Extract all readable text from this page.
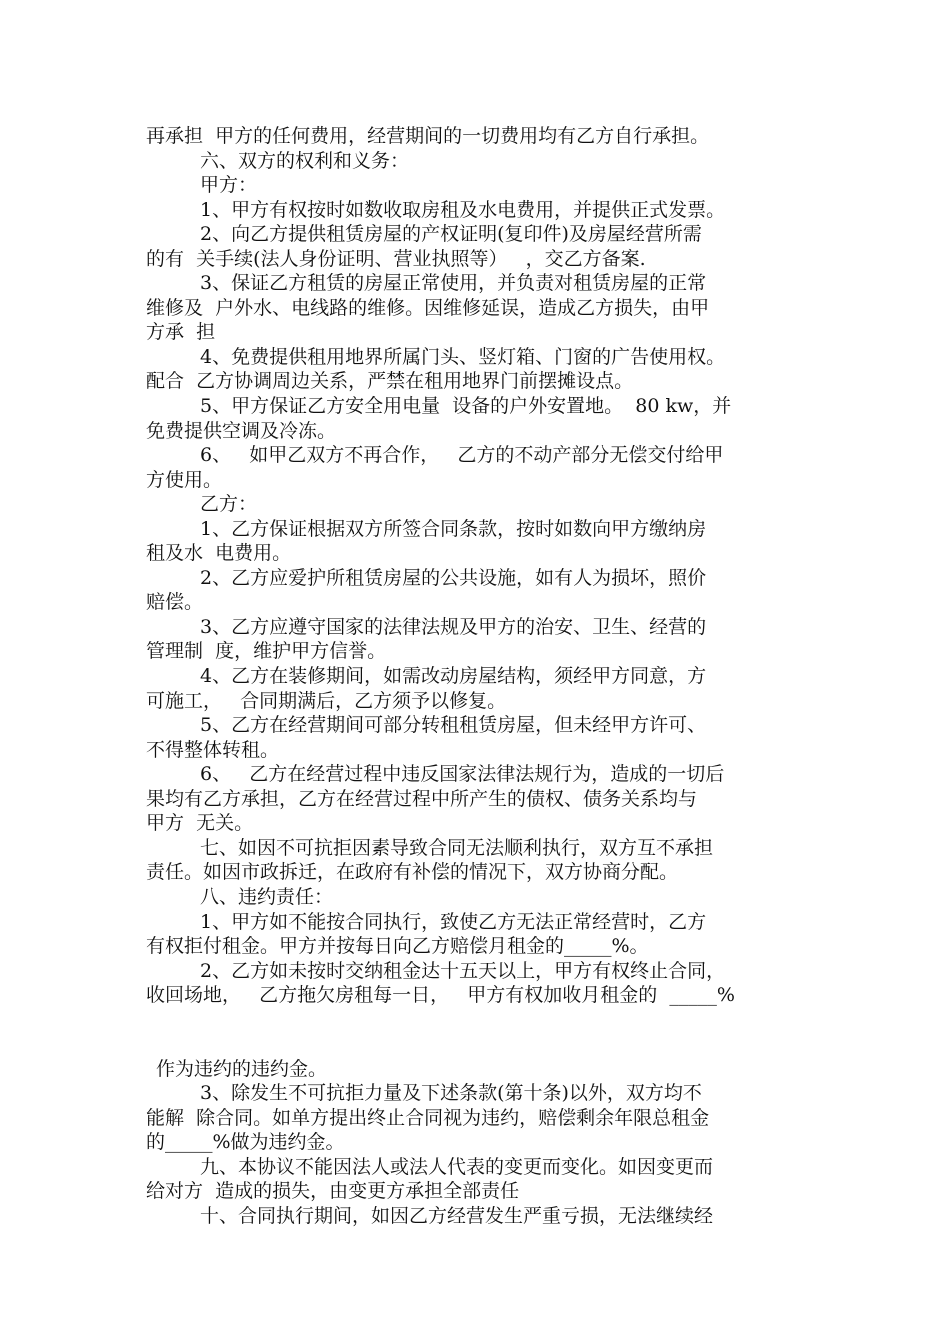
再承担  甲方的任何费用，经营期间的一切费用均有乙方自行承担。
六、双方的权利和义务：
甲方：
1、甲方有权按时如数收取房租及水电费用，并提供正式发票。
2、向乙方提供租赁房屋的产权证明(复印件)及房屋经营所需
的有  关手续(法人身份证明、营业执照等）   ，交乙方备案.
3、保证乙方租赁的房屋正常使用，并负责对租赁房屋的正常
维修及  户外水、电线路的维修。因维修延误，造成乙方损失，由甲
方承  担
4、免费提供租用地界所属门头、竖灯箱、门窗的广告使用权。
配合  乙方协调周边关系，严禁在租用地界门前摆摊设点。
5、甲方保证乙方安全用电量  设备的户外安置地。  80 kw，并
免费提供空调及冷冻。
6、   如甲乙双方不再合作，   乙方的不动产部分无偿交付给甲
方使用。
乙方：
1、乙方保证根据双方所签合同条款，按时如数向甲方缴纳房
租及水  电费用。
2、乙方应爱护所租赁房屋的公共设施，如有人为损坏，照价
赔偿。
3、乙方应遵守国家的法律法规及甲方的治安、卫生、经营的
管理制  度，维护甲方信誉。
4、乙方在装修期间，如需改动房屋结构，须经甲方同意，方
可施工，   合同期满后，乙方须予以修复。
5、乙方在经营期间可部分转租租赁房屋，但未经甲方许可、
不得整体转租。
6、   乙方在经营过程中违反国家法律法规行为，造成的一切后
果均有乙方承担，乙方在经营过程中所产生的债权、债务关系均与
甲方  无关。
七、如因不可抗拒因素导致合同无法顺利执行，双方互不承担
责任。如因市政拆迁，在政府有补偿的情况下，双方协商分配。
八、违约责任：
1、甲方如不能按合同执行，致使乙方无法正常经营时，乙方
有权拒付租金。甲方并按每日向乙方赔偿月租金的_____%。
2、乙方如未按时交纳租金达十五天以上，甲方有权终止合同，
收回场地，   乙方拖欠房租每一日，   甲方有权加收月租金的  _____%
作为违约的违约金。
3、除发生不可抗拒力量及下述条款(第十条)以外，双方均不
能解  除合同。如单方提出终止合同视为违约，赔偿剩余年限总租金
的_____%做为违约金。
九、本协议不能因法人或法人代表的变更而变化。如因变更而
给对方  造成的损失，由变更方承担全部责任
十、合同执行期间，如因乙方经营发生严重亏损，无法继续经
